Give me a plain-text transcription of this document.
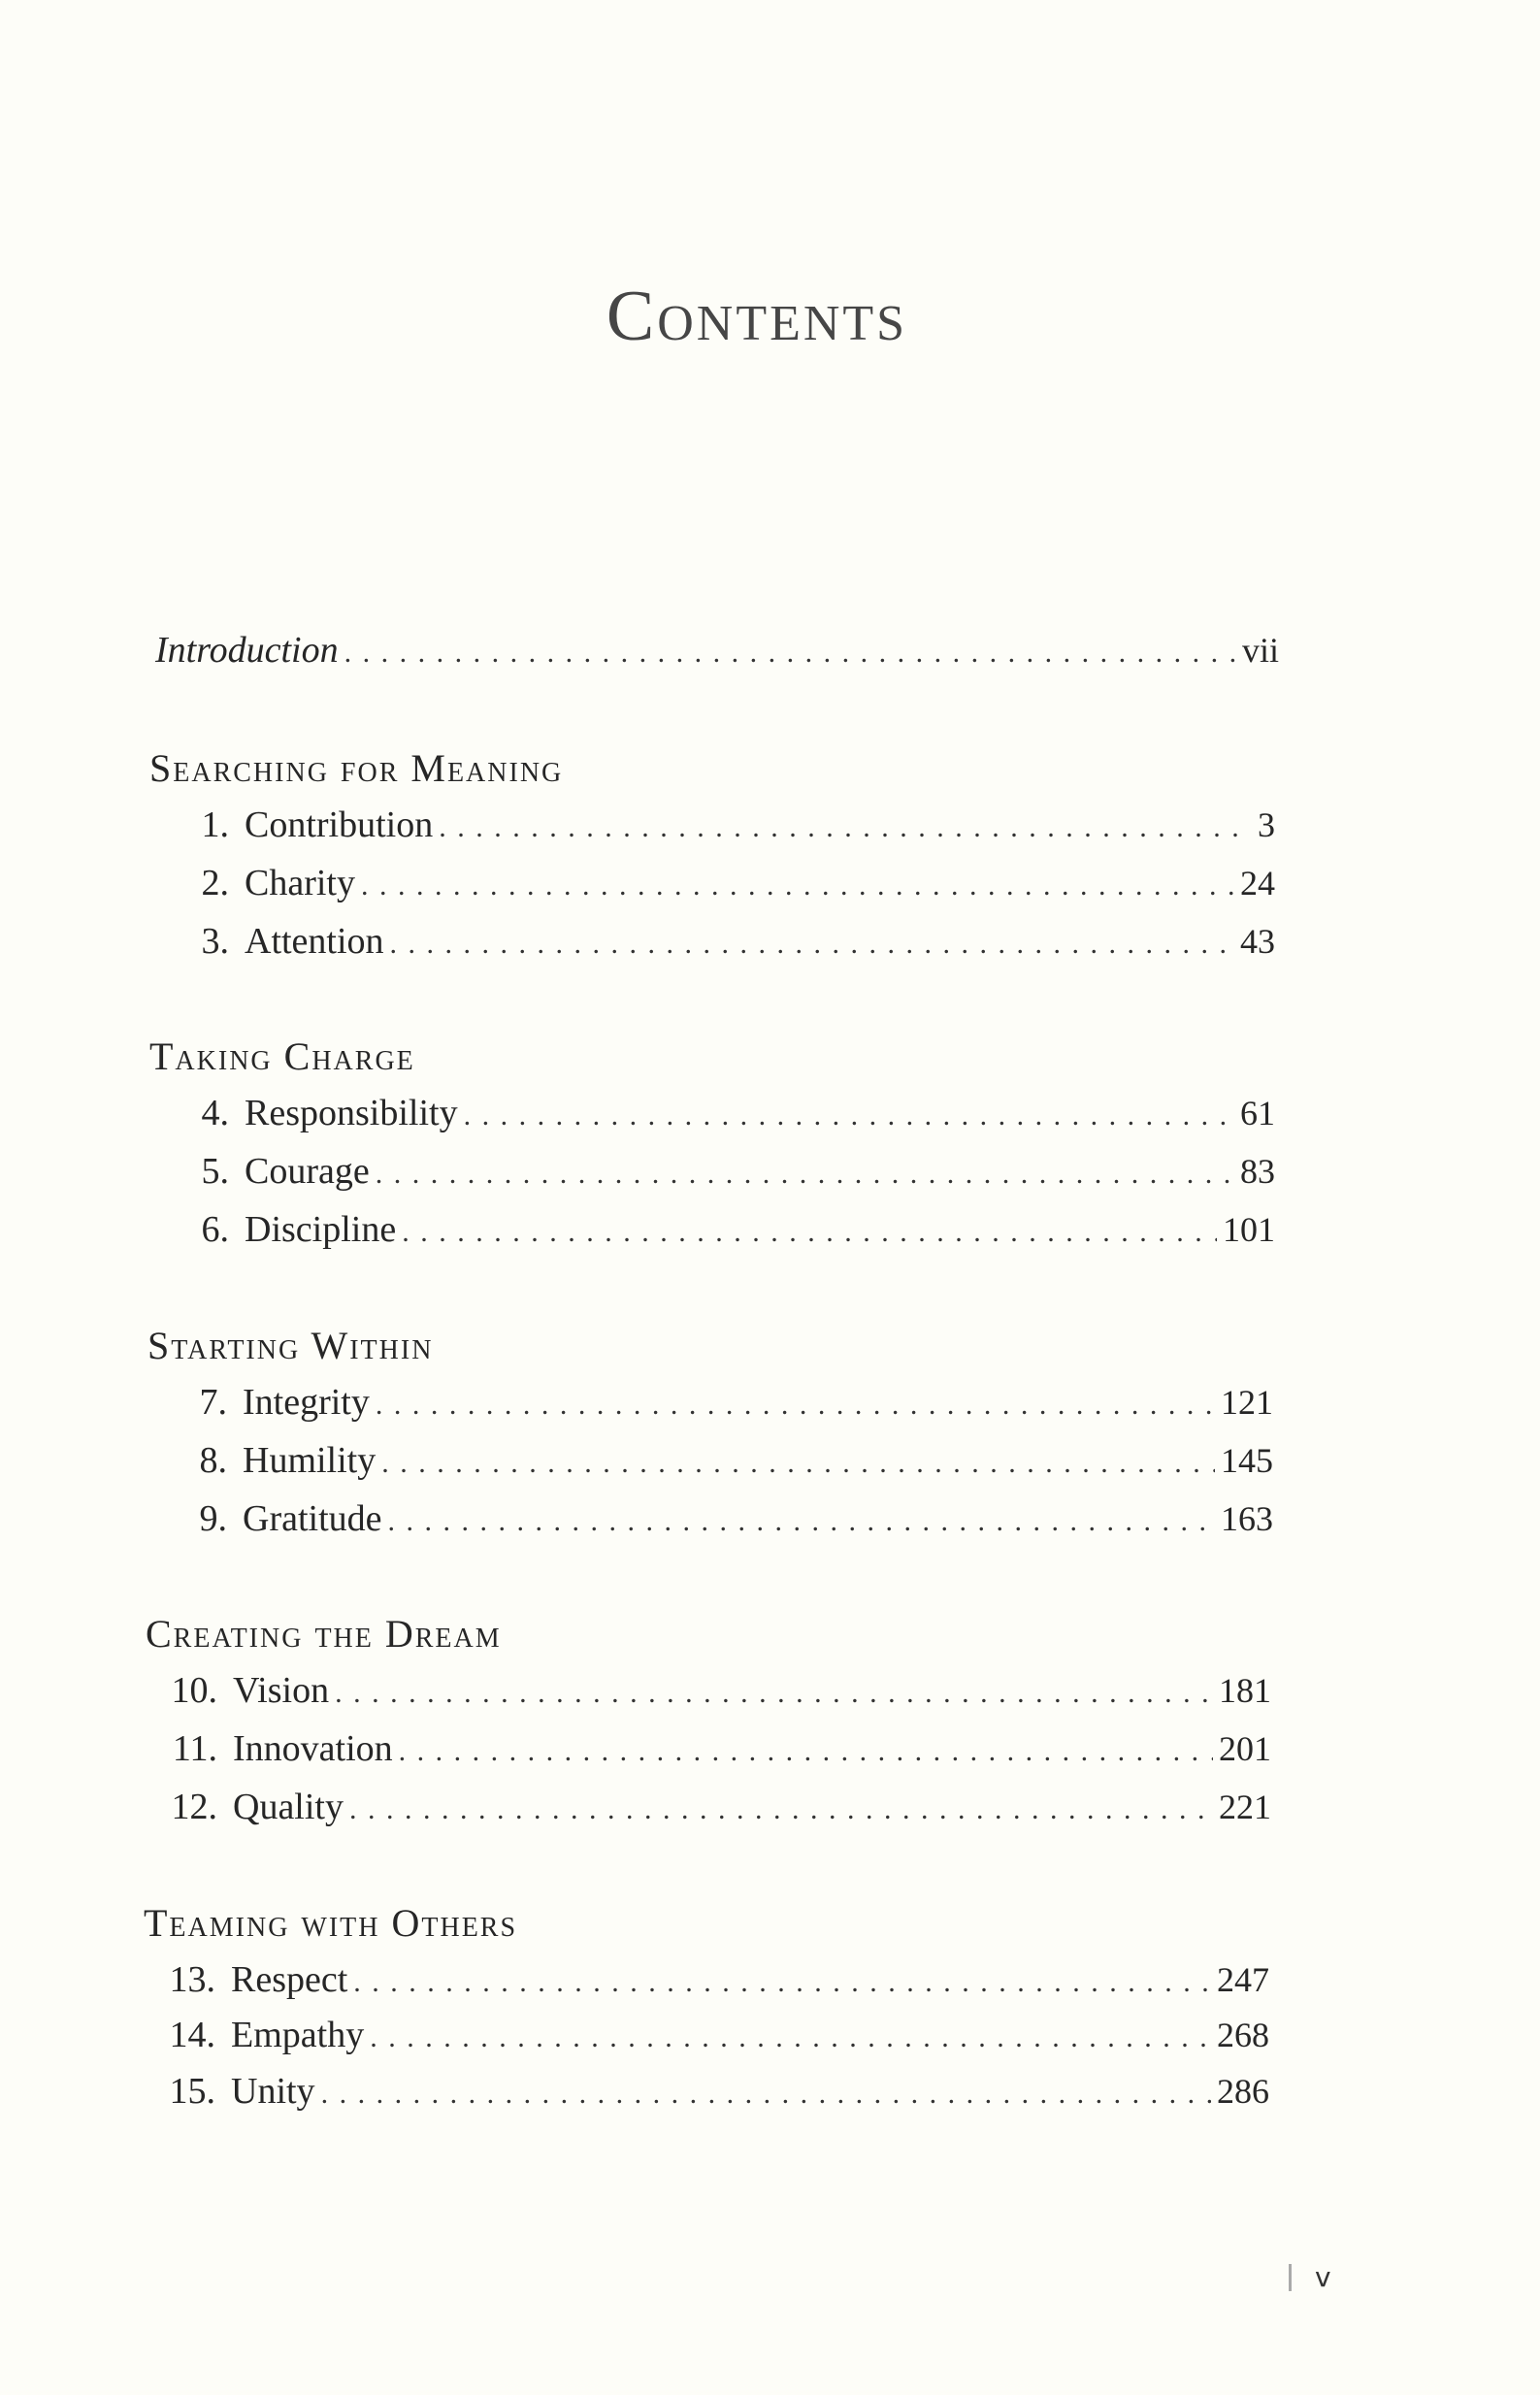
Contents
Introduction . . .	vii
Searching for Meaning
1. Contribution . . .	3
2. Charity . . .	24
3. Attention . . .	43
Taking Charge
4. Responsibility . . .	61
5. Courage . . .	83
6. Discipline . . .	101
Starting Within
7. Integrity . . .	121
8. Humility . . .	145
9. Gratitude . . .	163
Creating the Dream
10. Vision . . .	181
11. Innovation . . .	201
12. Quality . . .	221
Teaming with Others
13. Respect . . .	247
14. Empathy . . .	268
15. Unity . . .	286
v
